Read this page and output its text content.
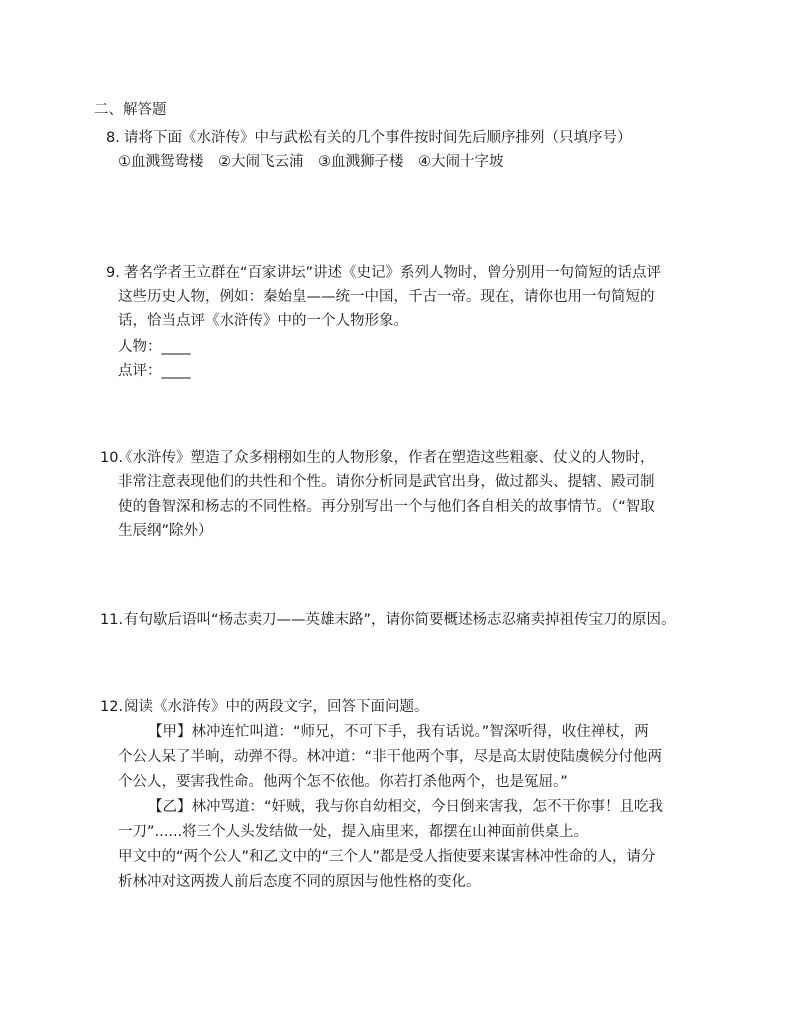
二、解答题
8. 请将下面《水浒传》中与武松有关的几个事件按时间先后顺序排列（只填序号）
①血溅鸳鸯楼　②大闹飞云浦　③血溅狮子楼　④大闹十字坡
9. 著名学者王立群在“百家讲坛”讲述《史记》系列人物时，曾分别用一句简短的话点评
这些历史人物，例如：秦始皇——统一中国，千古一帝。现在，请你也用一句简短的
话，恰当点评《水浒传》中的一个人物形象。
人物：____
点评：____
10.
《水浒传》塑造了众多栩栩如生的人物形象，作者在塑造这些粗豪、仗义的人物时，
非常注意表现他们的共性和个性。请你分析同是武官出身，做过都头、提辖、殿司制
使的鲁智深和杨志的不同性格。再分别写出一个与他们各自相关的故事情节。（“智取
生辰纲”除外）
11. 有句歇后语叫“杨志卖刀——英雄末路”，请你简要概述杨志忍痛卖掉祖传宝刀的原因。
12. 阅读《水浒传》中的两段文字，回答下面问题。
【甲】林冲连忙叫道：“师兄，不可下手，我有话说。”智深听得，收住禅杖，两
个公人呆了半晌，动弹不得。林冲道：“非干他两个事，尽是高太尉使陆虞候分付他两
个公人，要害我性命。他两个怎不依他。你若打杀他两个，也是冤屈。”
【乙】林冲骂道：“奸贼，我与你自幼相交，今日倒来害我，怎不干你事！且吃我
一刀”......将三个人头发结做一处，提入庙里来，都摆在山神面前供桌上。
甲文中的“两个公人”和乙文中的“三个人”都是受人指使要来谋害林冲性命的人，请分
析林冲对这两拨人前后态度不同的原因与他性格的变化。
